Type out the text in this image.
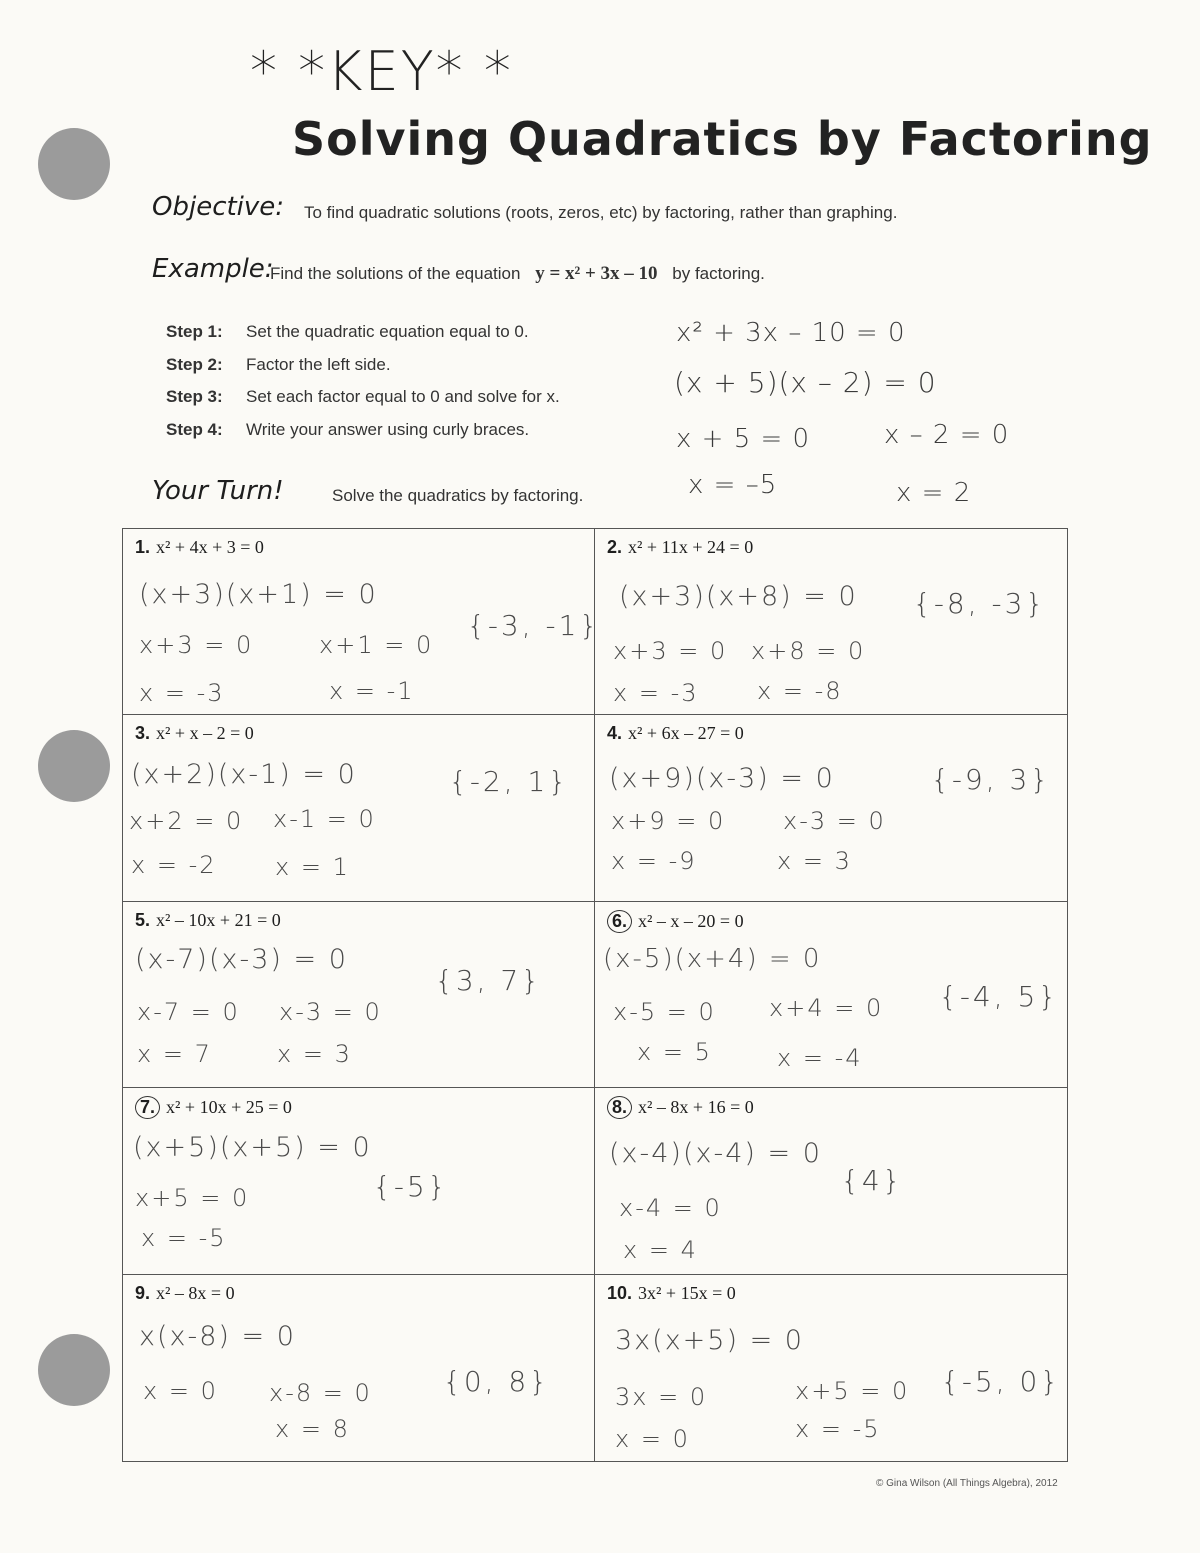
* *KEY* *
Solving Quadratics by Factoring
Objective: To find quadratic solutions (roots, zeros, etc) by factoring, rather than graphing.
Example:
Find the solutions of the equation y = x² + 3x – 10 by factoring.
Step 1: Set the quadratic equation equal to 0.
Step 2: Factor the left side.
Step 3: Set each factor equal to 0 and solve for x.
Step 4: Write your answer using curly braces.
x² + 3x – 10 = 0
(x + 5)(x – 2) = 0
x + 5 = 0	x – 2 = 0
x = –5	x = 2
Your Turn!	Solve the quadratics by factoring.
1. x² + 4x + 3 = 0
(x+3)(x+1) = 0
x+3 = 0	x+1 = 0
x = -3	x = -1
{-3, -1}
2. x² + 11x + 24 = 0
(x+3)(x+8) = 0
x+3 = 0 x+8 = 0
x = -3 x = -8
{-8, -3}
3. x² + x – 2 = 0
(x+2)(x-1) = 0
x+2 = 0 x-1 = 0
x = -2 x = 1
{-2, 1}
4. x² + 6x – 27 = 0
(x+9)(x-3) = 0
x+9 = 0 x-3 = 0
x = -9	x = 3
{-9, 3}
5. x² – 10x + 21 = 0
(x-7)(x-3) = 0
x-7 = 0 x-3 = 0
x = 7	x = 3
{3, 7}
6. x² – x – 20 = 0
(x-5)(x+4) = 0
x-5 = 0 x+4 = 0
x = 5	x = -4
{-4, 5}
7. x² + 10x + 25 = 0
(x+5)(x+5) = 0
x+5 = 0
x = -5
{-5}
8. x² – 8x + 16 = 0
(x-4)(x-4) = 0
x-4 = 0
x = 4
{4}
9. x² – 8x = 0
x(x-8) = 0
x = 0 x-8 = 0
x = 8
{0, 8}
10. 3x² + 15x = 0
3x(x+5) = 0
3x = 0	x+5 = 0
x = 0	x = -5
{-5, 0}
© Gina Wilson (All Things Algebra), 2012
